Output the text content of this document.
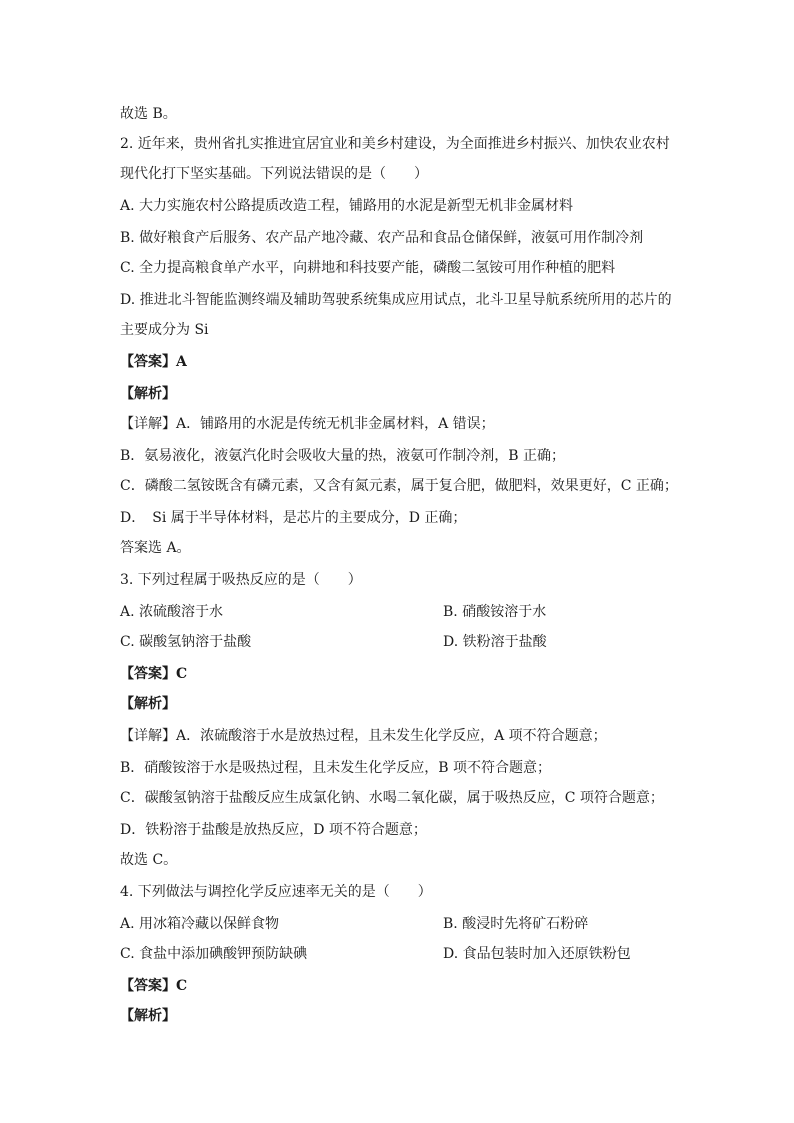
故选 B。
2. 近年来，贵州省扎实推进宜居宜业和美乡村建设，为全面推进乡村振兴、加快农业农村
现代化打下坚实基础。下列说法错误的是（　　）
A. 大力实施农村公路提质改造工程，铺路用的水泥是新型无机非金属材料
B. 做好粮食产后服务、农产品产地冷藏、农产品和食品仓储保鲜，液氨可用作制冷剂
C. 全力提高粮食单产水平，向耕地和科技要产能，磷酸二氢铵可用作种植的肥料
D. 推进北斗智能监测终端及辅助驾驶系统集成应用试点，北斗卫星导航系统所用的芯片的
主要成分为 Si
【答案】A
【解析】
【详解】A．铺路用的水泥是传统无机非金属材料，A 错误；
B．氨易液化，液氨汽化时会吸收大量的热，液氨可作制冷剂，B 正确；
C．磷酸二氢铵既含有磷元素，又含有氮元素，属于复合肥，做肥料，效果更好，C 正确；
D．　Si 属于半导体材料，是芯片的主要成分，D 正确；
答案选 A。
3. 下列过程属于吸热反应的是（　　）
A. 浓硫酸溶于水	B. 硝酸铵溶于水
C. 碳酸氢钠溶于盐酸	D. 铁粉溶于盐酸
【答案】C
【解析】
【详解】A．浓硫酸溶于水是放热过程，且未发生化学反应，A 项不符合题意；
B．硝酸铵溶于水是吸热过程，且未发生化学反应，B 项不符合题意；
C．碳酸氢钠溶于盐酸反应生成氯化钠、水喝二氧化碳，属于吸热反应，C 项符合题意；
D．铁粉溶于盐酸是放热反应，D 项不符合题意；
故选 C。
4. 下列做法与调控化学反应速率无关的是（　　）
A. 用冰箱冷藏以保鲜食物	B. 酸浸时先将矿石粉碎
C. 食盐中添加碘酸钾预防缺碘	D. 食品包装时加入还原铁粉包
【答案】C
【解析】
